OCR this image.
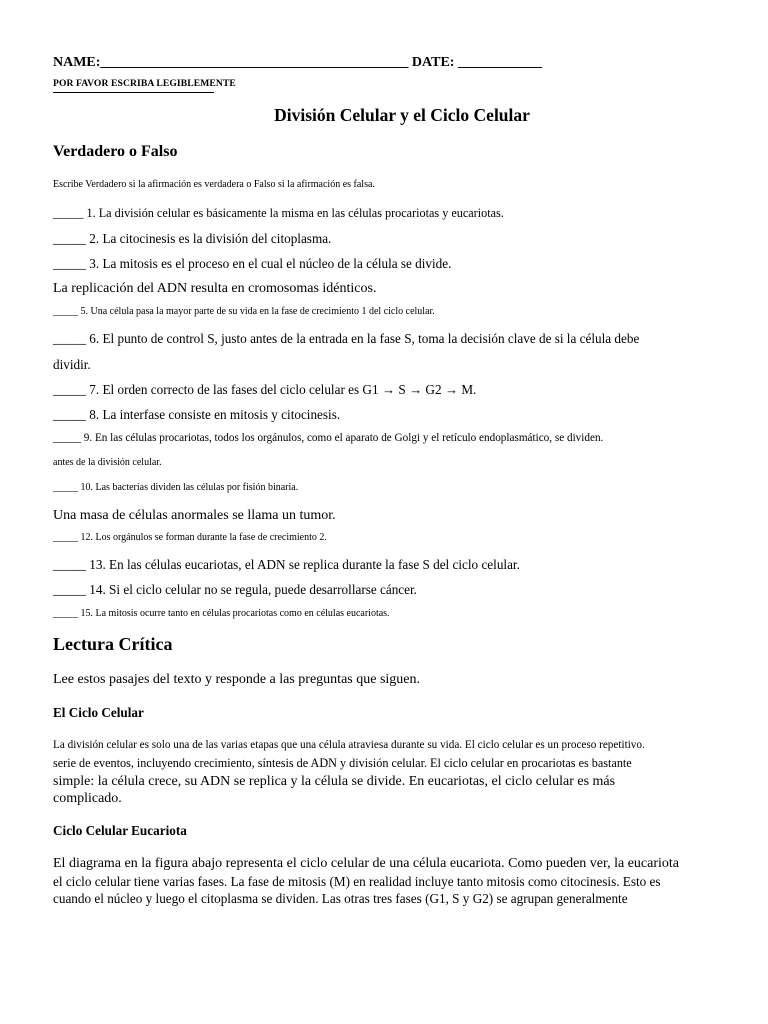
NAME:____________________________________________ DATE: ____________
POR FAVOR ESCRIBA LEGIBLEMENTE
División Celular y el Ciclo Celular
Verdadero o Falso
Escribe Verdadero si la afirmación es verdadera o Falso si la afirmación es falsa.
_____ 1. La división celular es básicamente la misma en las células procariotas y eucariotas.
_____ 2. La citocinesis es la división del citoplasma.
_____ 3. La mitosis es el proceso en el cual el núcleo de la célula se divide.
La replicación del ADN resulta en cromosomas idénticos.
_____ 5. Una célula pasa la mayor parte de su vida en la fase de crecimiento 1 del ciclo celular.
_____ 6. El punto de control S, justo antes de la entrada en la fase S, toma la decisión clave de si la célula debe
dividir.
_____ 7. El orden correcto de las fases del ciclo celular es G1 → S → G2 → M.
_____ 8. La interfase consiste en mitosis y citocinesis.
_____ 9. En las células procariotas, todos los orgánulos, como el aparato de Golgi y el retículo endoplasmático, se dividen.
antes de la división celular.
_____ 10. Las bacterias dividen las células por fisión binaria.
Una masa de células anormales se llama un tumor.
_____ 12. Los orgánulos se forman durante la fase de crecimiento 2.
_____ 13. En las células eucariotas, el ADN se replica durante la fase S del ciclo celular.
_____ 14. Si el ciclo celular no se regula, puede desarrollarse cáncer.
_____ 15. La mitosis ocurre tanto en células procariotas como en células eucariotas.
Lectura Crítica
Lee estos pasajes del texto y responde a las preguntas que siguen.
El Ciclo Celular
La división celular es solo una de las varias etapas que una célula atraviesa durante su vida. El ciclo celular es un proceso repetitivo.
serie de eventos, incluyendo crecimiento, síntesis de ADN y división celular. El ciclo celular en procariotas es bastante
simple: la célula crece, su ADN se replica y la célula se divide. En eucariotas, el ciclo celular es más
complicado.
Ciclo Celular Eucariota
El diagrama en la figura abajo representa el ciclo celular de una célula eucariota. Como pueden ver, la eucariota
el ciclo celular tiene varias fases. La fase de mitosis (M) en realidad incluye tanto mitosis como citocinesis. Esto es
cuando el núcleo y luego el citoplasma se dividen. Las otras tres fases (G1, S y G2) se agrupan generalmente
